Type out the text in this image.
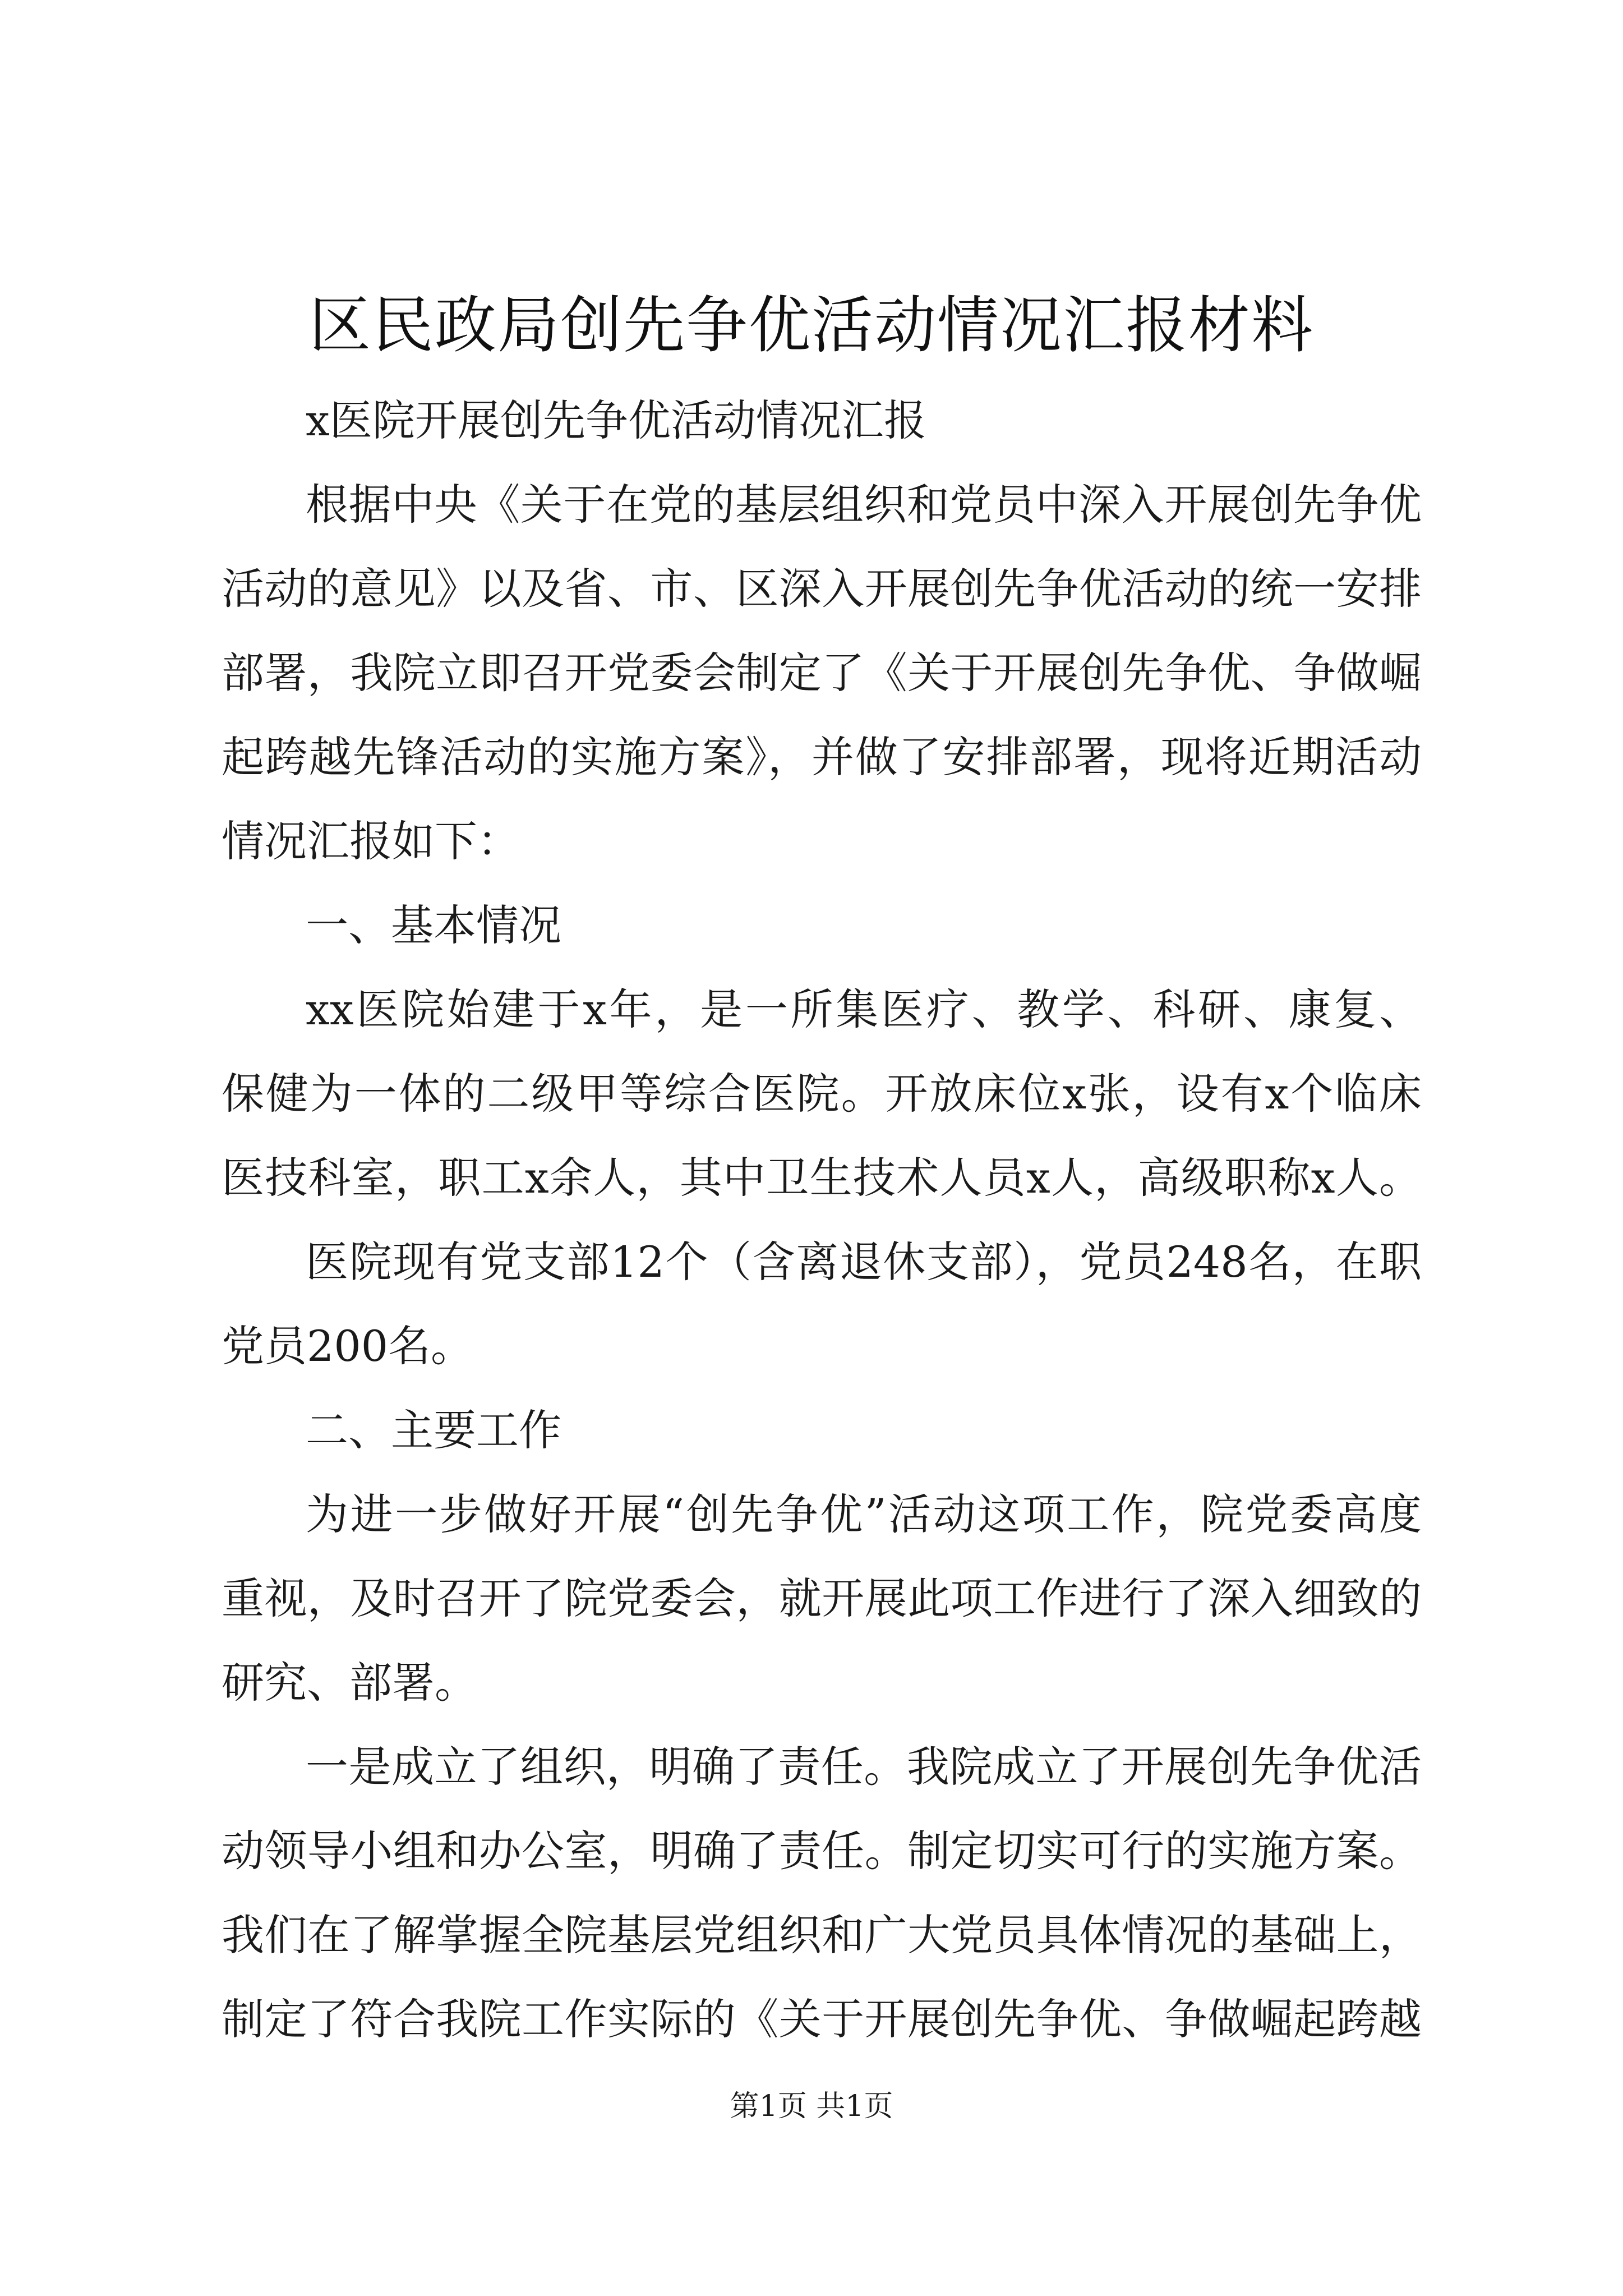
区民政局创先争优活动情况汇报材料
x医院开展创先争优活动情况汇报
根据中央《关于在党的基层组织和党员中深入开展创先争优
活动的意见》以及省、市、区深入开展创先争优活动的统一安排
部署，我院立即召开党委会制定了《关于开展创先争优、争做崛
起跨越先锋活动的实施方案》，并做了安排部署，现将近期活动
情况汇报如下：
一、基本情况
xx医院始建于x年，是一所集医疗、教学、科研、康复、
保健为一体的二级甲等综合医院。开放床位x张，设有x个临床
医技科室，职工x余人，其中卫生技术人员x人，高级职称x人。
医院现有党支部12个（含离退休支部），党员248名，在职
党员200名。
二、主要工作
为进一步做好开展“创先争优”活动这项工作，院党委高度
重视，及时召开了院党委会，就开展此项工作进行了深入细致的
研究、部署。
一是成立了组织，明确了责任。我院成立了开展创先争优活
动领导小组和办公室，明确了责任。制定切实可行的实施方案。
我们在了解掌握全院基层党组织和广大党员具体情况的基础上，
制定了符合我院工作实际的《关于开展创先争优、争做崛起跨越
第1页 共1页
